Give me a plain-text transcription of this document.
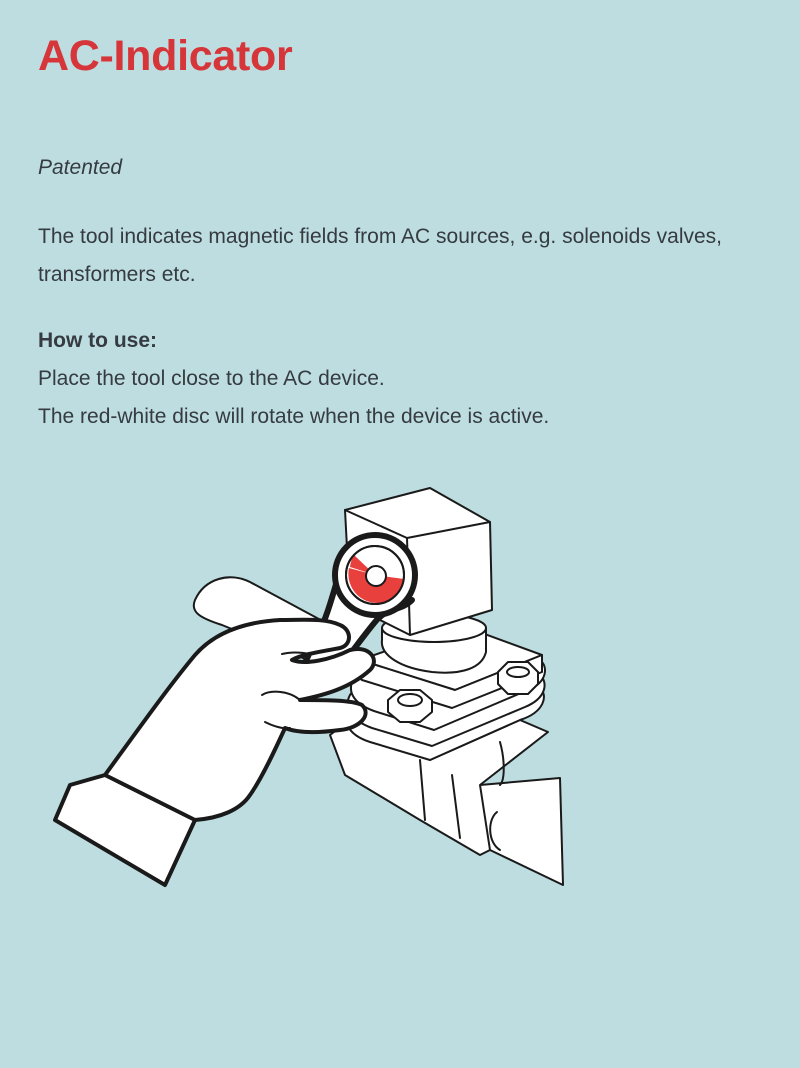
AC-Indicator

Patented

The tool indicates magnetic fields from AC sources, e.g. solenoids valves,
transformers etc.

How to use:
Place the tool close to the AC device.
The red-white disc will rotate when the device is active.
